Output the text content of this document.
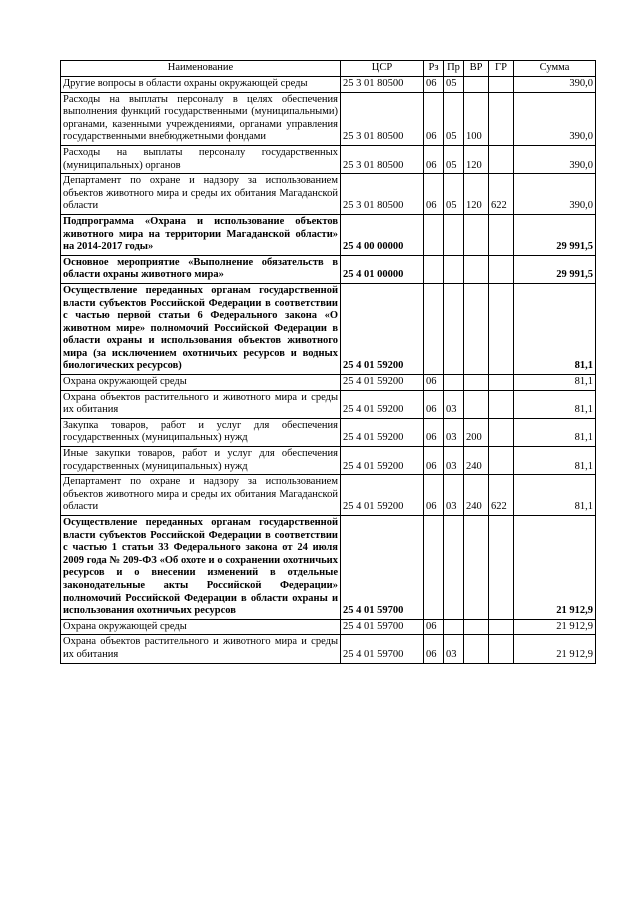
Наименование	ЦСР	Рз	Пр	ВР	ГР	Сумма
Другие вопросы в области охраны окружающей среды	25 3 01 80500	06	05			390,0
Расходы на выплаты персоналу в целях обеспечения выполнения функций государственными (муниципальными) органами, казенными учреждениями, органами управления государственными внебюджетными фондами	25 3 01 80500	06	05	100		390,0
Расходы на выплаты персоналу государственных (муниципальных) органов	25 3 01 80500	06	05	120		390,0
Департамент по охране и надзору за использованием объектов животного мира и среды их обитания Магаданской области	25 3 01 80500	06	05	120	622	390,0
Подпрограмма «Охрана и использование объектов животного мира на территории Магаданской области» на 2014-2017 годы»	25 4 00 00000					29 991,5
Основное мероприятие «Выполнение обязательств в области охраны животного мира»	25 4 01 00000					29 991,5
Осуществление переданных органам государственной власти субъектов Российской Федерации в соответствии с частью первой статьи 6 Федерального закона «О животном мире» полномочий Российской Федерации в области охраны и использования объектов животного мира (за исключением охотничьих ресурсов и водных биологических ресурсов)	25 4 01 59200					81,1
Охрана окружающей среды	25 4 01 59200	06				81,1
Охрана объектов растительного и животного мира и среды их обитания	25 4 01 59200	06	03			81,1
Закупка товаров, работ и услуг для обеспечения государственных (муниципальных) нужд	25 4 01 59200	06	03	200		81,1
Иные закупки товаров, работ и услуг для обеспечения государственных (муниципальных) нужд	25 4 01 59200	06	03	240		81,1
Департамент по охране и надзору за использованием объектов животного мира и среды их обитания Магаданской области	25 4 01 59200	06	03	240	622	81,1
Осуществление переданных органам государственной власти субъектов Российской Федерации в соответствии с частью 1 статьи 33 Федерального закона от 24 июля 2009 года № 209-ФЗ «Об охоте и о сохранении охотничьих ресурсов и о внесении изменений в отдельные законодательные акты Российской Федерации» полномочий Российской Федерации в области охраны и использования охотничьих ресурсов	25 4 01 59700					21 912,9
Охрана окружающей среды	25 4 01 59700	06				21 912,9
Охрана объектов растительного и животного мира и среды их обитания	25 4 01 59700	06	03			21 912,9
